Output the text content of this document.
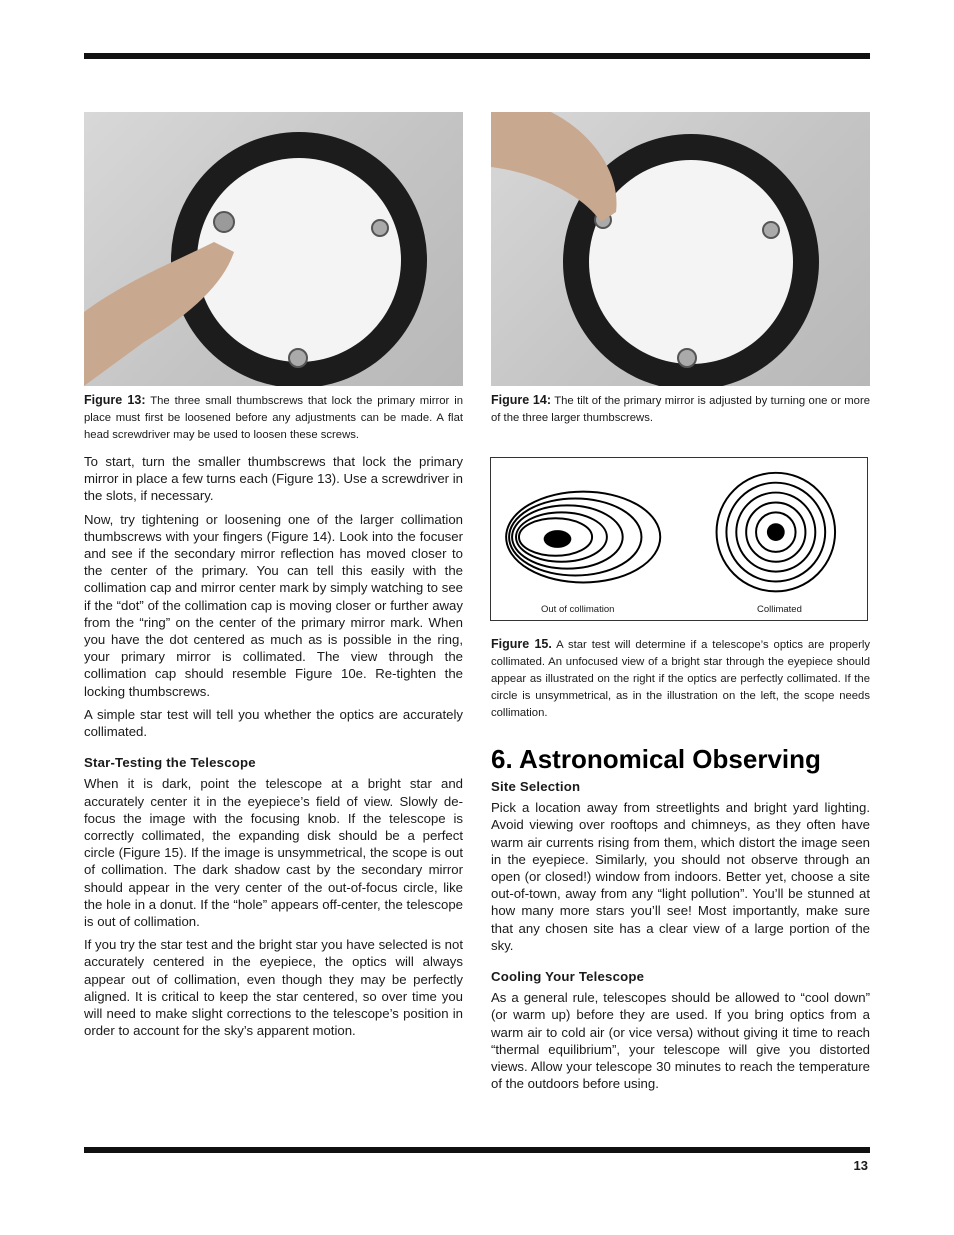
Figure 13: The three small thumbscrews that lock the primary mirror in place must first be loosened before any adjustments can be made. A flat head screwdriver may be used to loosen these screws.
Figure 14: The tilt of the primary mirror is adjusted by turning one or more of the three larger thumbscrews.
Out of collimation	Collimated
Figure 15. A star test will determine if a telescope’s optics are properly collimated. An unfocused view of a bright star through the eyepiece should appear as illustrated on the right if the optics are perfectly collimated. If the circle is unsymmetrical, as in the illustration on the left, the scope needs collimation.

To start, turn the smaller thumbscrews that lock the primary mirror in place a few turns each (Figure 13). Use a screwdriver in the slots, if necessary.

Now, try tightening or loosening one of the larger collimation thumbscrews with your fingers (Figure 14). Look into the focuser and see if the secondary mirror reflection has moved closer to the center of the primary. You can tell this easily with the collimation cap and mirror center mark by simply watching to see if the “dot” of the collimation cap is moving closer or further away from the “ring” on the center of the primary mirror mark. When you have the dot centered as much as is possible in the ring, your primary mirror is collimated. The view through the collimation cap should resemble Figure 10e. Re-tighten the locking thumbscrews.

A simple star test will tell you whether the optics are accurately collimated.

Star-Testing the Telescope

When it is dark, point the telescope at a bright star and accurately center it in the eyepiece’s field of view. Slowly de-focus the image with the focusing knob. If the telescope is correctly collimated, the expanding disk should be a perfect circle (Figure 15). If the image is unsymmetrical, the scope is out of collimation. The dark shadow cast by the secondary mirror should appear in the very center of the out-of-focus circle, like the hole in a donut. If the “hole” appears off-center, the telescope is out of collimation.

If you try the star test and the bright star you have selected is not accurately centered in the eyepiece, the optics will always appear out of collimation, even though they may be perfectly aligned. It is critical to keep the star centered, so over time you will need to make slight corrections to the telescope’s position in order to account for the sky’s apparent motion.

6. Astronomical Observing
Site Selection

Pick a location away from streetlights and bright yard lighting. Avoid viewing over rooftops and chimneys, as they often have warm air currents rising from them, which distort the image seen in the eyepiece. Similarly, you should not observe through an open (or closed!) window from indoors. Better yet, choose a site out-of-town, away from any “light pollution”. You’ll be stunned at how many more stars you’ll see! Most importantly, make sure that any chosen site has a clear view of a large portion of the sky.

Cooling Your Telescope

As a general rule, telescopes should be allowed to “cool down” (or warm up) before they are used. If you bring optics from a warm air to cold air (or vice versa) without giving it time to reach “thermal equilibrium”, your telescope will give you distorted views. Allow your telescope 30 minutes to reach the temperature of the outdoors before using.

13
